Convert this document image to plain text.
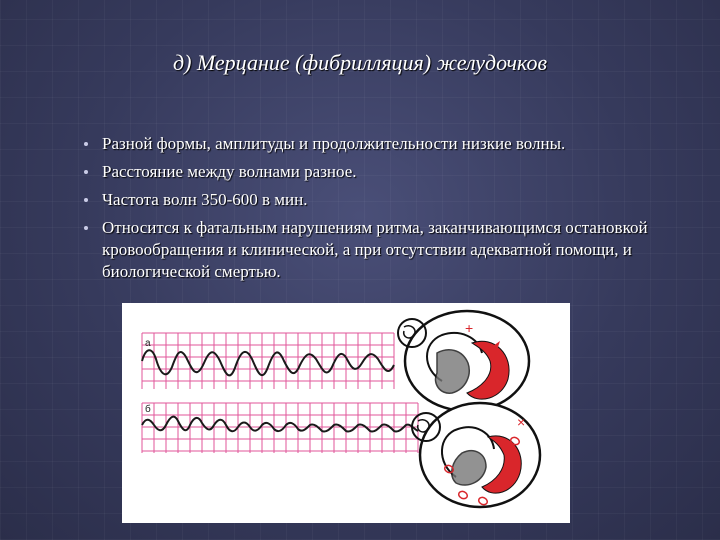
д) Мерцание (фибрилляция) желудочков
Разной формы, амплитуды и продолжительности низкие волны.
Расстояние между волнами разное.
Частота волн 350-600 в мин.
Относится к фатальным нарушениям ритма, заканчивающимся остановкой кровообращения и клинической, а при отсутствии адекватной помощи, и биологической смертью.
а
б
+
×
